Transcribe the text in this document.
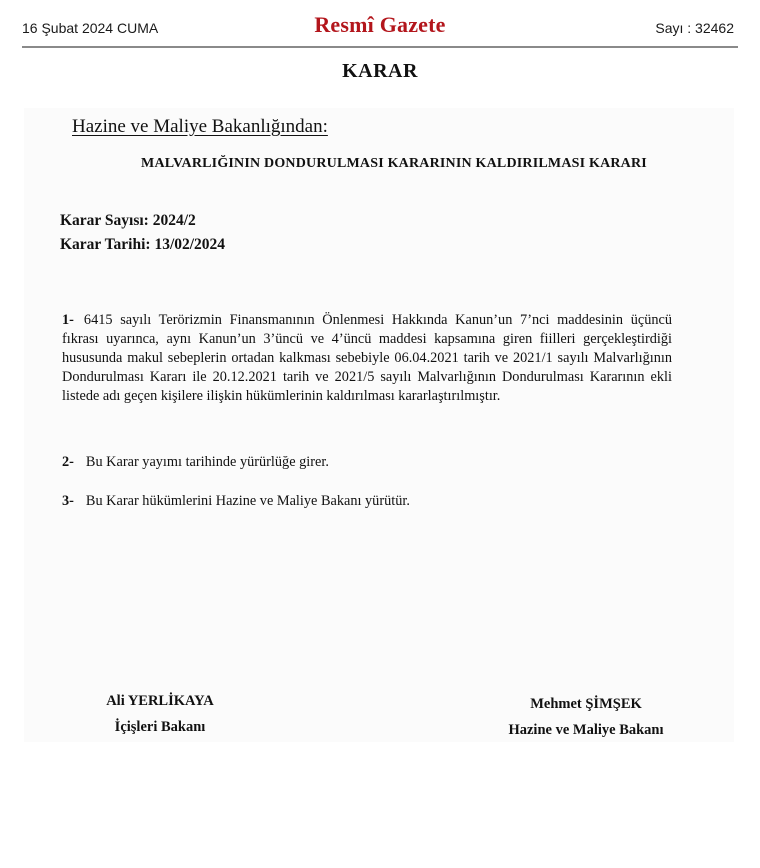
16 Şubat 2024 CUMA	Resmî Gazete	Sayı : 32462
KARAR
Hazine ve Maliye Bakanlığından:
MALVARLIĞININ DONDURULMASI KARARININ KALDIRILMASI KARARI
Karar Sayısı: 2024/2
Karar Tarihi: 13/02/2024
1- 6415 sayılı Terörizmin Finansmanının Önlenmesi Hakkında Kanun’un 7’nci maddesinin üçüncü fıkrası uyarınca, aynı Kanun’un 3’üncü ve 4’üncü maddesi kapsamına giren fiilleri gerçekleştirdiği hususunda makul sebeplerin ortadan kalkması sebebiyle 06.04.2021 tarih ve 2021/1 sayılı Malvarlığının Dondurulması Kararı ile 20.12.2021 tarih ve 2021/5 sayılı Malvarlığının Dondurulması Kararının ekli listede adı geçen kişilere ilişkin hükümlerinin kaldırılması kararlaştırılmıştır.
2- Bu Karar yayımı tarihinde yürürlüğe girer.
3- Bu Karar hükümlerini Hazine ve Maliye Bakanı yürütür.
Ali YERLİKAYA
İçişleri Bakanı
Mehmet ŞİMŞEK
Hazine ve Maliye Bakanı
